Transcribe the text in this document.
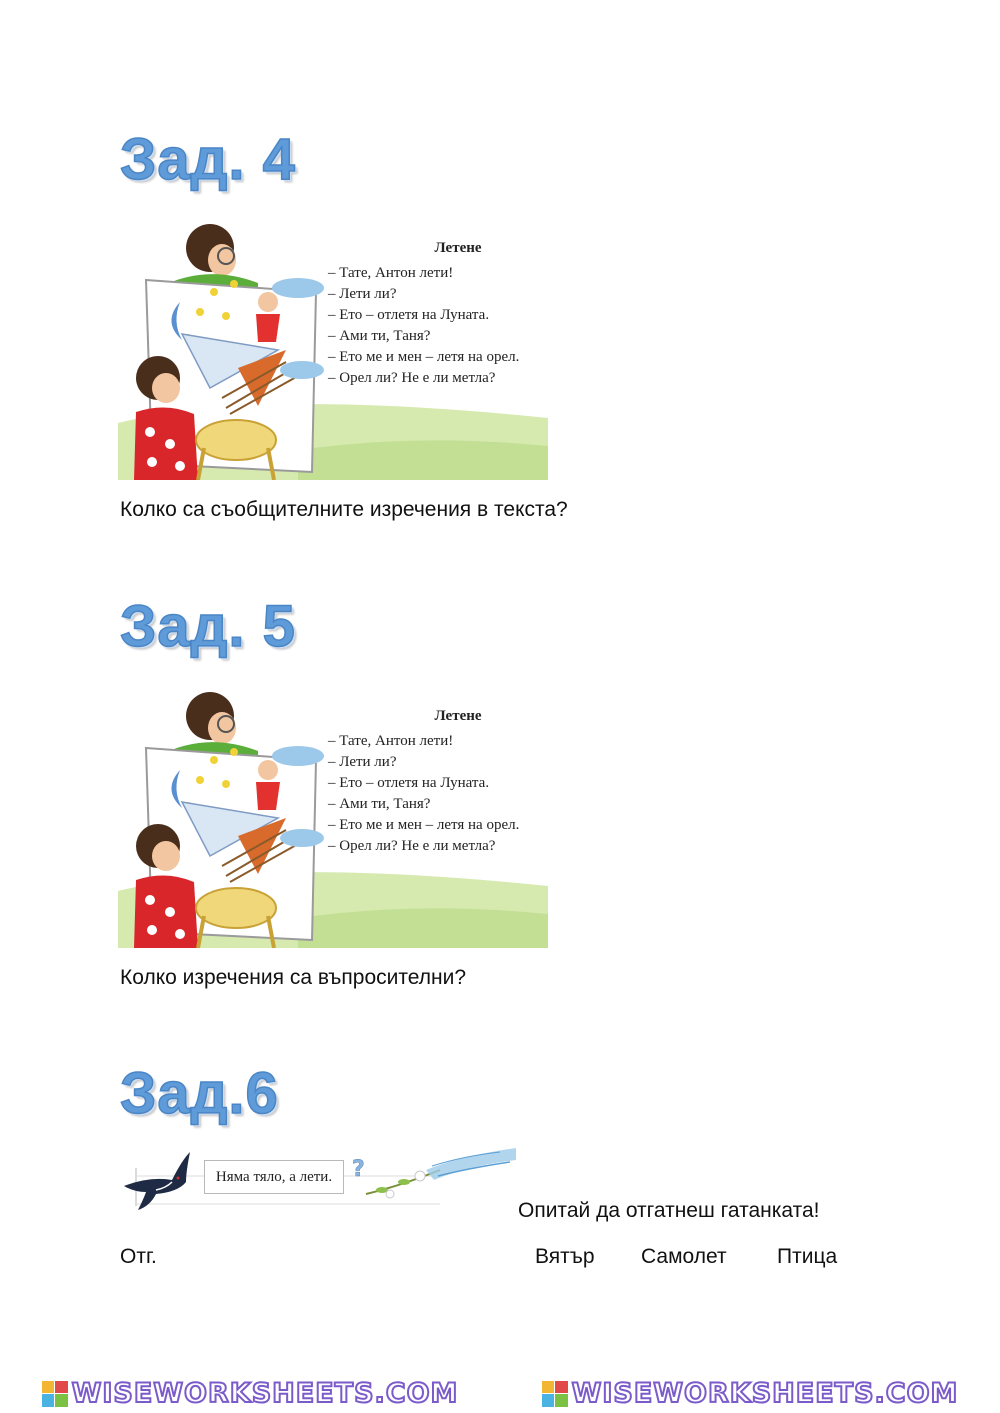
Зад. 4
Летене
– Тате, Антон лети!
– Лети ли?
– Ето – отлетя на Луната.
– Ами ти, Таня?
– Ето ме и мен – летя на орел.
– Орел ли? Не е ли метла?

Колко са съобщителните изречения в текста?

Зад. 5
Летене
– Тате, Антон лети!
– Лети ли?
– Ето – отлетя на Луната.
– Ами ти, Таня?
– Ето ме и мен – летя на орел.
– Орел ли? Не е ли метла?

Колко изречения са въпросителни?

Зад.6
?
Няма тяло, а лети.

Опитай да отгатнеш гатанката!

Отг.	Вятър Самолет Птица
WISEWORKSHEETS.COM	WISEWORKSHEETS.COM
